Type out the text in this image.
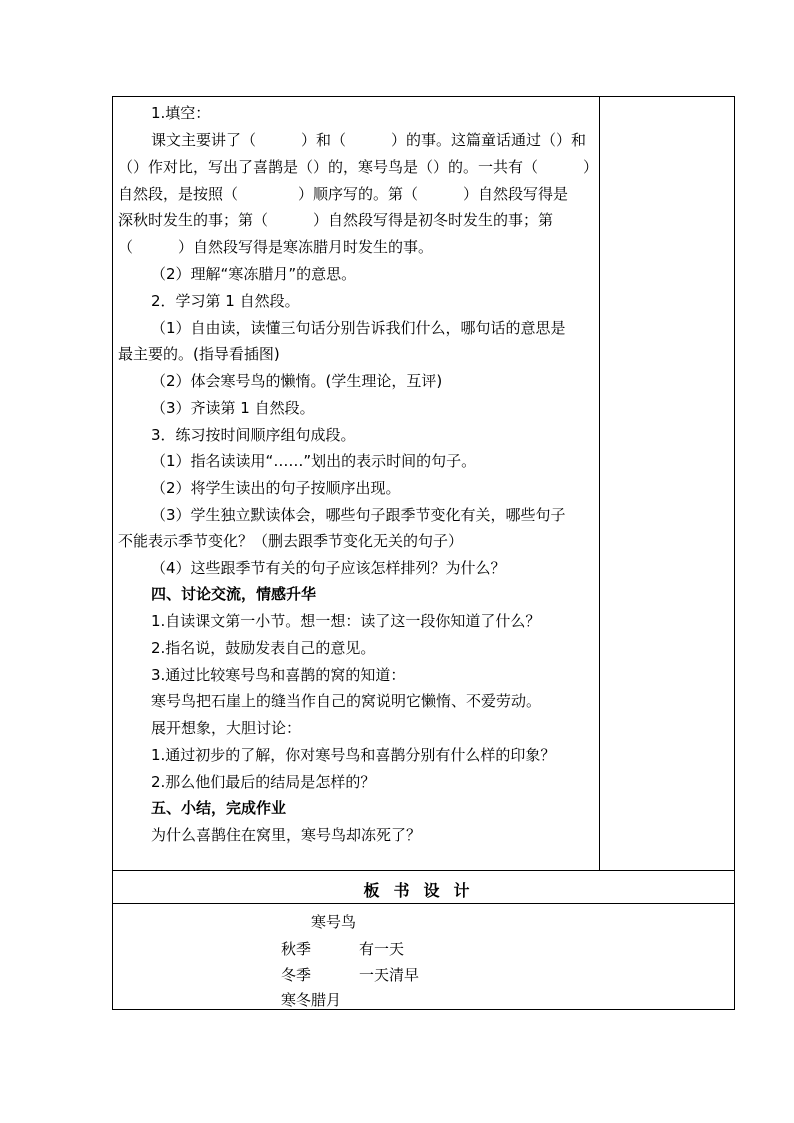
1.填空：
课文主要讲了（　　　）和（　　　）的事。这篇童话通过（）和
（）作对比，写出了喜鹊是（）的，寒号鸟是（）的。一共有（　　　）
自然段，是按照（　　　　）顺序写的。第（　　　）自然段写得是
深秋时发生的事；第（　　　）自然段写得是初冬时发生的事；第
（　　　）自然段写得是寒冻腊月时发生的事。
（2）理解“寒冻腊月”的意思。
2．学习第 1 自然段。
（1）自由读，读懂三句话分别告诉我们什么，哪句话的意思是
最主要的。(指导看插图)
（2）体会寒号鸟的懒惰。(学生理论，互评)
（3）齐读第 1 自然段。
3．练习按时间顺序组句成段。
（1）指名读读用“……”划出的表示时间的句子。
（2）将学生读出的句子按顺序出现。
（3）学生独立默读体会，哪些句子跟季节变化有关，哪些句子
不能表示季节变化？（删去跟季节变化无关的句子）
（4）这些跟季节有关的句子应该怎样排列？为什么？
四、讨论交流，情感升华
1.自读课文第一小节。想一想：读了这一段你知道了什么？
2.指名说，鼓励发表自己的意见。
3.通过比较寒号鸟和喜鹊的窝的知道：
寒号鸟把石崖上的缝当作自己的窝说明它懒惰、不爱劳动。
展开想象，大胆讨论：
1.通过初步的了解，你对寒号鸟和喜鹊分别有什么样的印象？
2.那么他们最后的结局是怎样的？
五、小结，完成作业
为什么喜鹊住在窝里，寒号鸟却冻死了？
板书设计
寒号鸟
秋季	有一天
冬季	一天清早
寒冬腊月
